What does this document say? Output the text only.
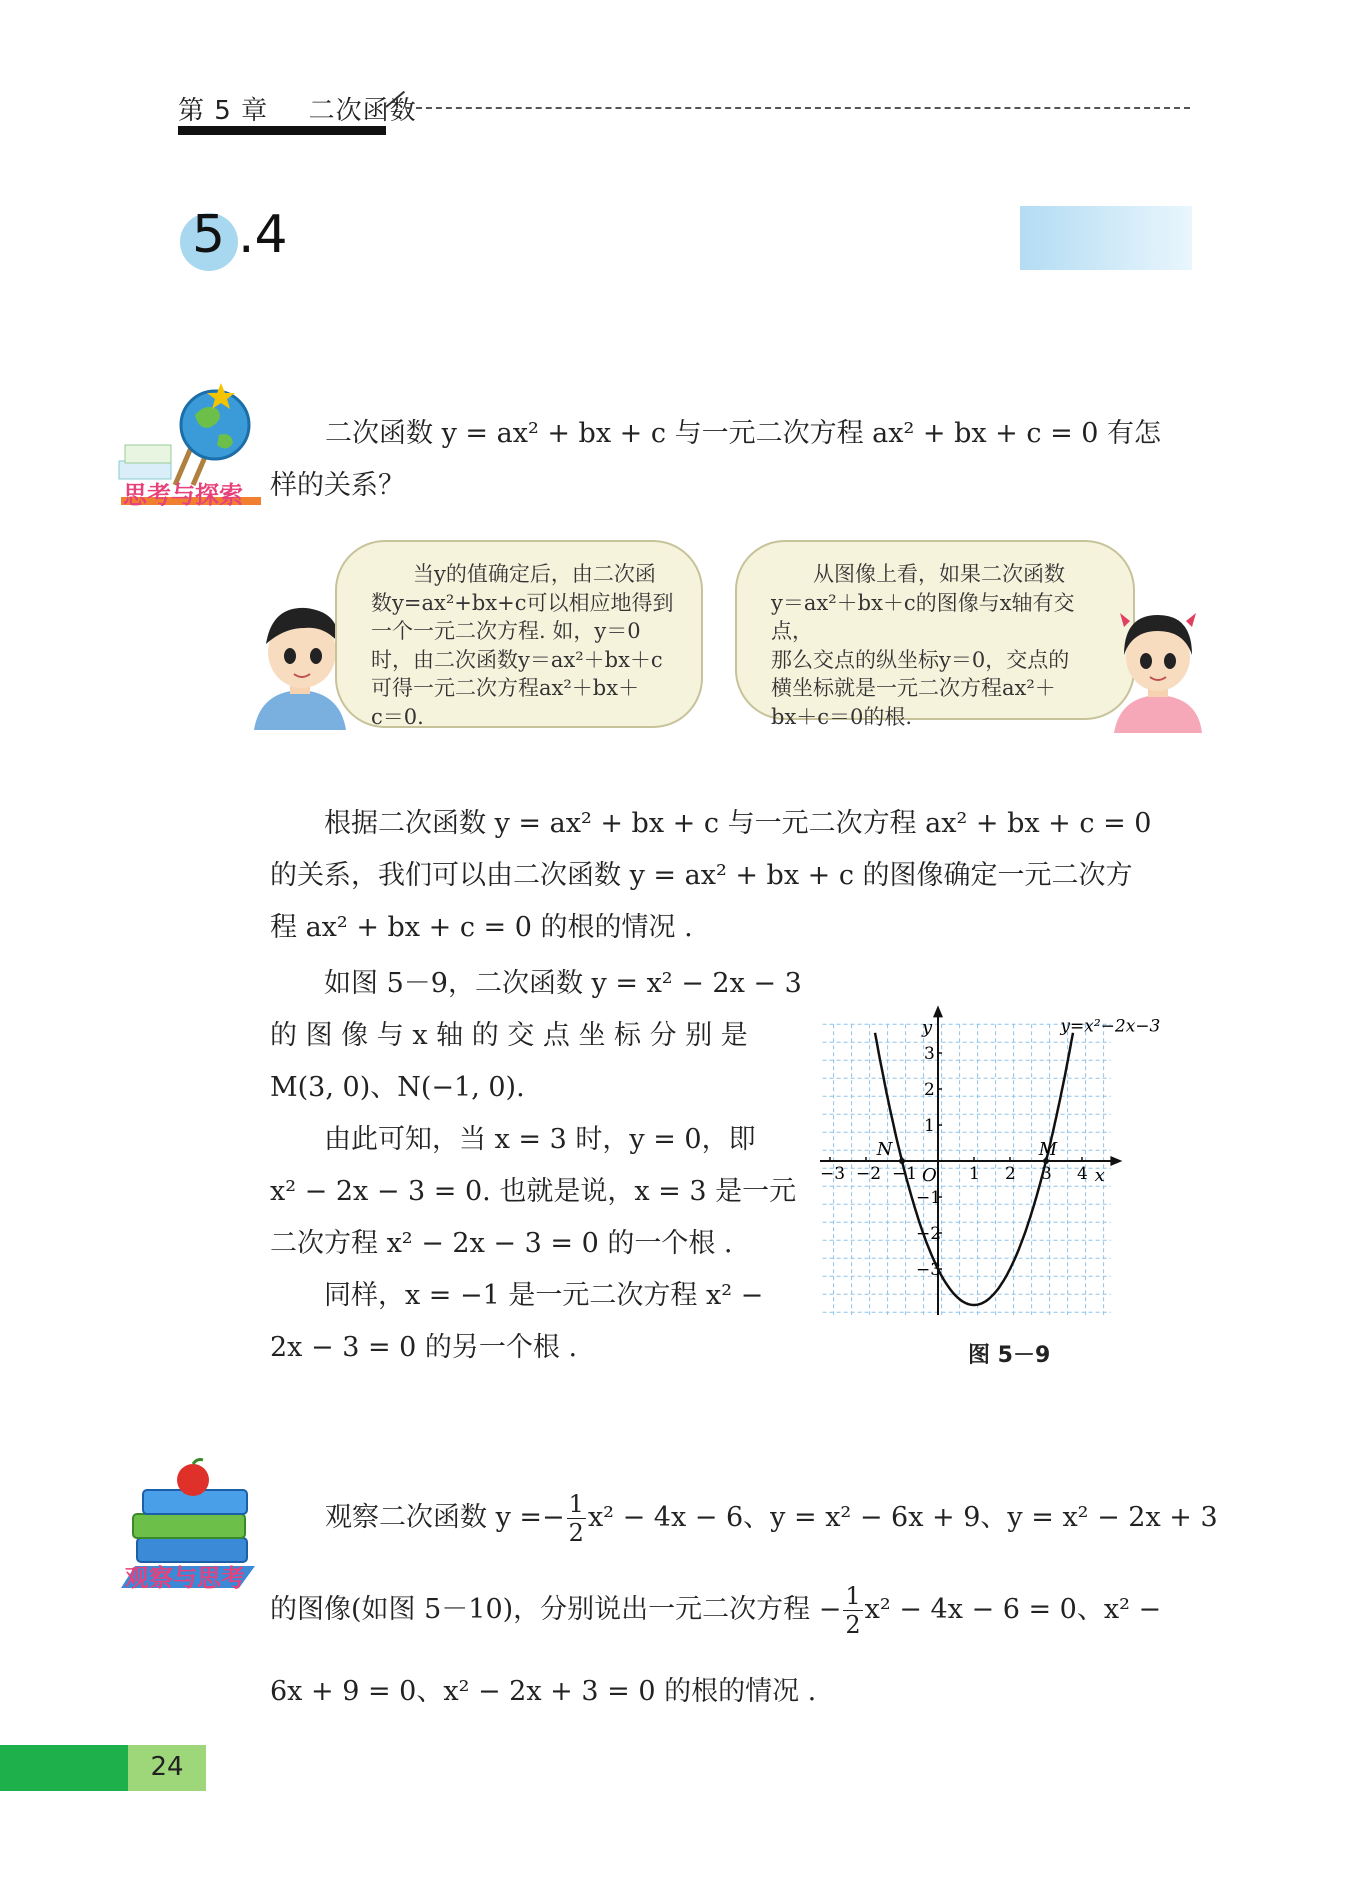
第 5 章 二次函数
5 .4
思考与探索
二次函数 y = ax² + bx + c 与一元二次方程 ax² + bx + c = 0 有怎
样的关系？
当y的值确定后，由二次函
数y=ax²+bx+c可以相应地得到
一个一元二次方程. 如，y＝0
时，由二次函数y＝ax²＋bx＋c
可得一元二次方程ax²＋bx＋
c＝0.
从图像上看，如果二次函数
y＝ax²＋bx＋c的图像与x轴有交点，
那么交点的纵坐标y＝0，交点的
横坐标就是一元二次方程ax²＋
bx＋c＝0的根.
根据二次函数 y = ax² + bx + c 与一元二次方程 ax² + bx + c = 0
的关系，我们可以由二次函数 y = ax² + bx + c 的图像确定一元二次方
程 ax² + bx + c = 0 的根的情况 .
如图 5－9，二次函数 y = x² − 2x − 3
的 图 像 与 x 轴 的 交 点 坐 标 分 别 是
M(3, 0)、N(−1, 0).
由此可知，当 x = 3 时，y = 0，即
x² − 2x − 3 = 0. 也就是说，x = 3 是一元
二次方程 x² − 2x − 3 = 0 的一个根 .
同样，x = −1 是一元二次方程 x² −
2x − 3 = 0 的另一个根 .
−3 −2 −1	1 2 3 4
3
2
1
−1
−2
−3
y=x²−2x−3
M
N
O	x
y
图 5－9
观察与思考
观察二次函数 $y =- \frac{1}{2} x^2 - 4x - 6$、y = x² − 6x + 9、y = x² − 2x + 3
的图像(如图 5－10)，分别说出一元二次方程 − $\frac{1}{2} x^2 - 4x - 6 = 0$、x² −
6x + 9 = 0、x² − 2x + 3 = 0 的根的情况 .
24
